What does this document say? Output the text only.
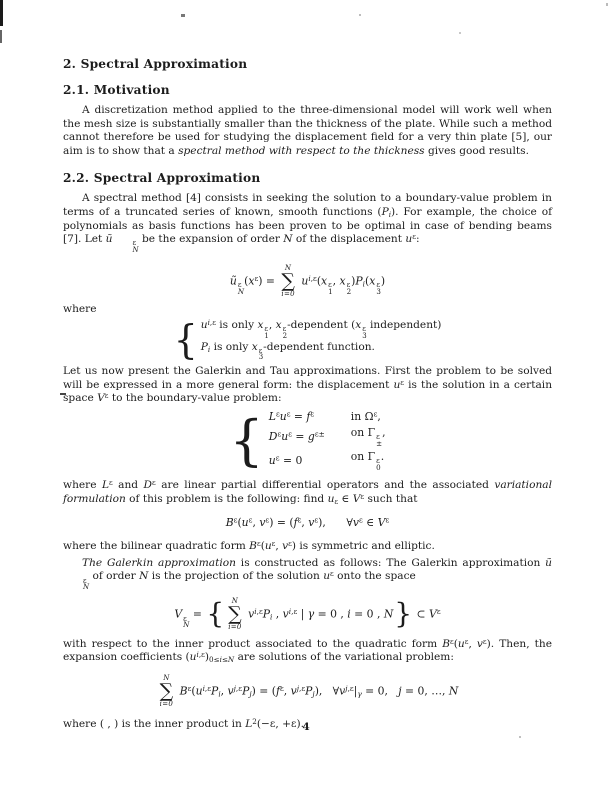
2. Spectral Approximation
2.1. Motivation

A discretization method applied to the three-dimensional model will work well when the mesh size is substantially smaller than the thickness of the plate. While such a method cannot therefore be used for studying the displacement field for a very thin plate [5], our aim is to show that a spectral method with respect to the thickness gives good results.

2.2. Spectral Approximation

A spectral method [4] consists in seeking the solution to a boundary-value problem in terms of a truncated series of known, smooth functions $(P_i)$. For example, the choice of polynomials as basis functions has been proven to be optimal in case of bending beams [7]. Let ũ	ε
N
be the expansion of order N of the displacement $u^\varepsilon$:

ũ ε
N
$(x^\varepsilon)$ =
N
∑
i=0
$u^{i,\varepsilon}(x$ ε
1
, x ε
2
)$P_i(x$ ε
3
)

where

{ $u^{i,\varepsilon}$ is only x ε
1
, x ε
2
-dependent (x ε
3
independent)
$P_i$ is only x ε
3
-dependent function.

Let us now present the Galerkin and Tau approximations. First the problem to be solved will be expressed in a more general form: the displacement $u^\varepsilon$ is the solution in a certain space $V^\varepsilon$ to the boundary-value problem:

{ $L^\varepsilon u^\varepsilon = f^\varepsilon$	in $\Omega^\varepsilon$,
$D^\varepsilon u^\varepsilon = g^{\varepsilon\pm}$	on Γ ε
±
,
$u^\varepsilon = 0$	on Γ ε
0
.

where $L^\varepsilon$ and $D^\varepsilon$ are linear partial differential operators and the associated variational formulation of this problem is the following: find $u_\varepsilon$ ∈ $V^\varepsilon$ such that

$B^\varepsilon(u^\varepsilon$, $v^\varepsilon) = (f^\varepsilon$, $v^\varepsilon$),      $\forall v^\varepsilon$ ∈ $V^\varepsilon$

where the bilinear quadratic form $B^\varepsilon(u^\varepsilon$, $v^\varepsilon$) is symmetric and elliptic.

The Galerkin approximation is constructed as follows: The Galerkin approximation ũ
ε
N
of order N is the projection of the solution $u^\varepsilon$ onto the space

V ε
N
= { N
∑
i=0
$v^{i,\varepsilon}P_i$ , $v^{i,\varepsilon}$ | γ = 0 , i = 0 , N} ⊂ $V^\varepsilon$

with respect to the inner product associated to the quadratic form $B^\varepsilon(u^\varepsilon$, $v^\varepsilon$). Then, the expansion coefficients $(u^{i,\varepsilon})_{0\le i\le N}$ are solutions of the variational problem:

N
∑
i=0
$B^\varepsilon(u^{i,\varepsilon}P_i$, $v^{j,\varepsilon}P_j) = (f^\varepsilon$, $v^{j,\varepsilon}P_j$),   $\forall v^{j,\varepsilon}|_\gamma = 0$,   j = 0, …, N

where ( , ) is the inner product in $L^2(-\varepsilon$, +ε).

4
